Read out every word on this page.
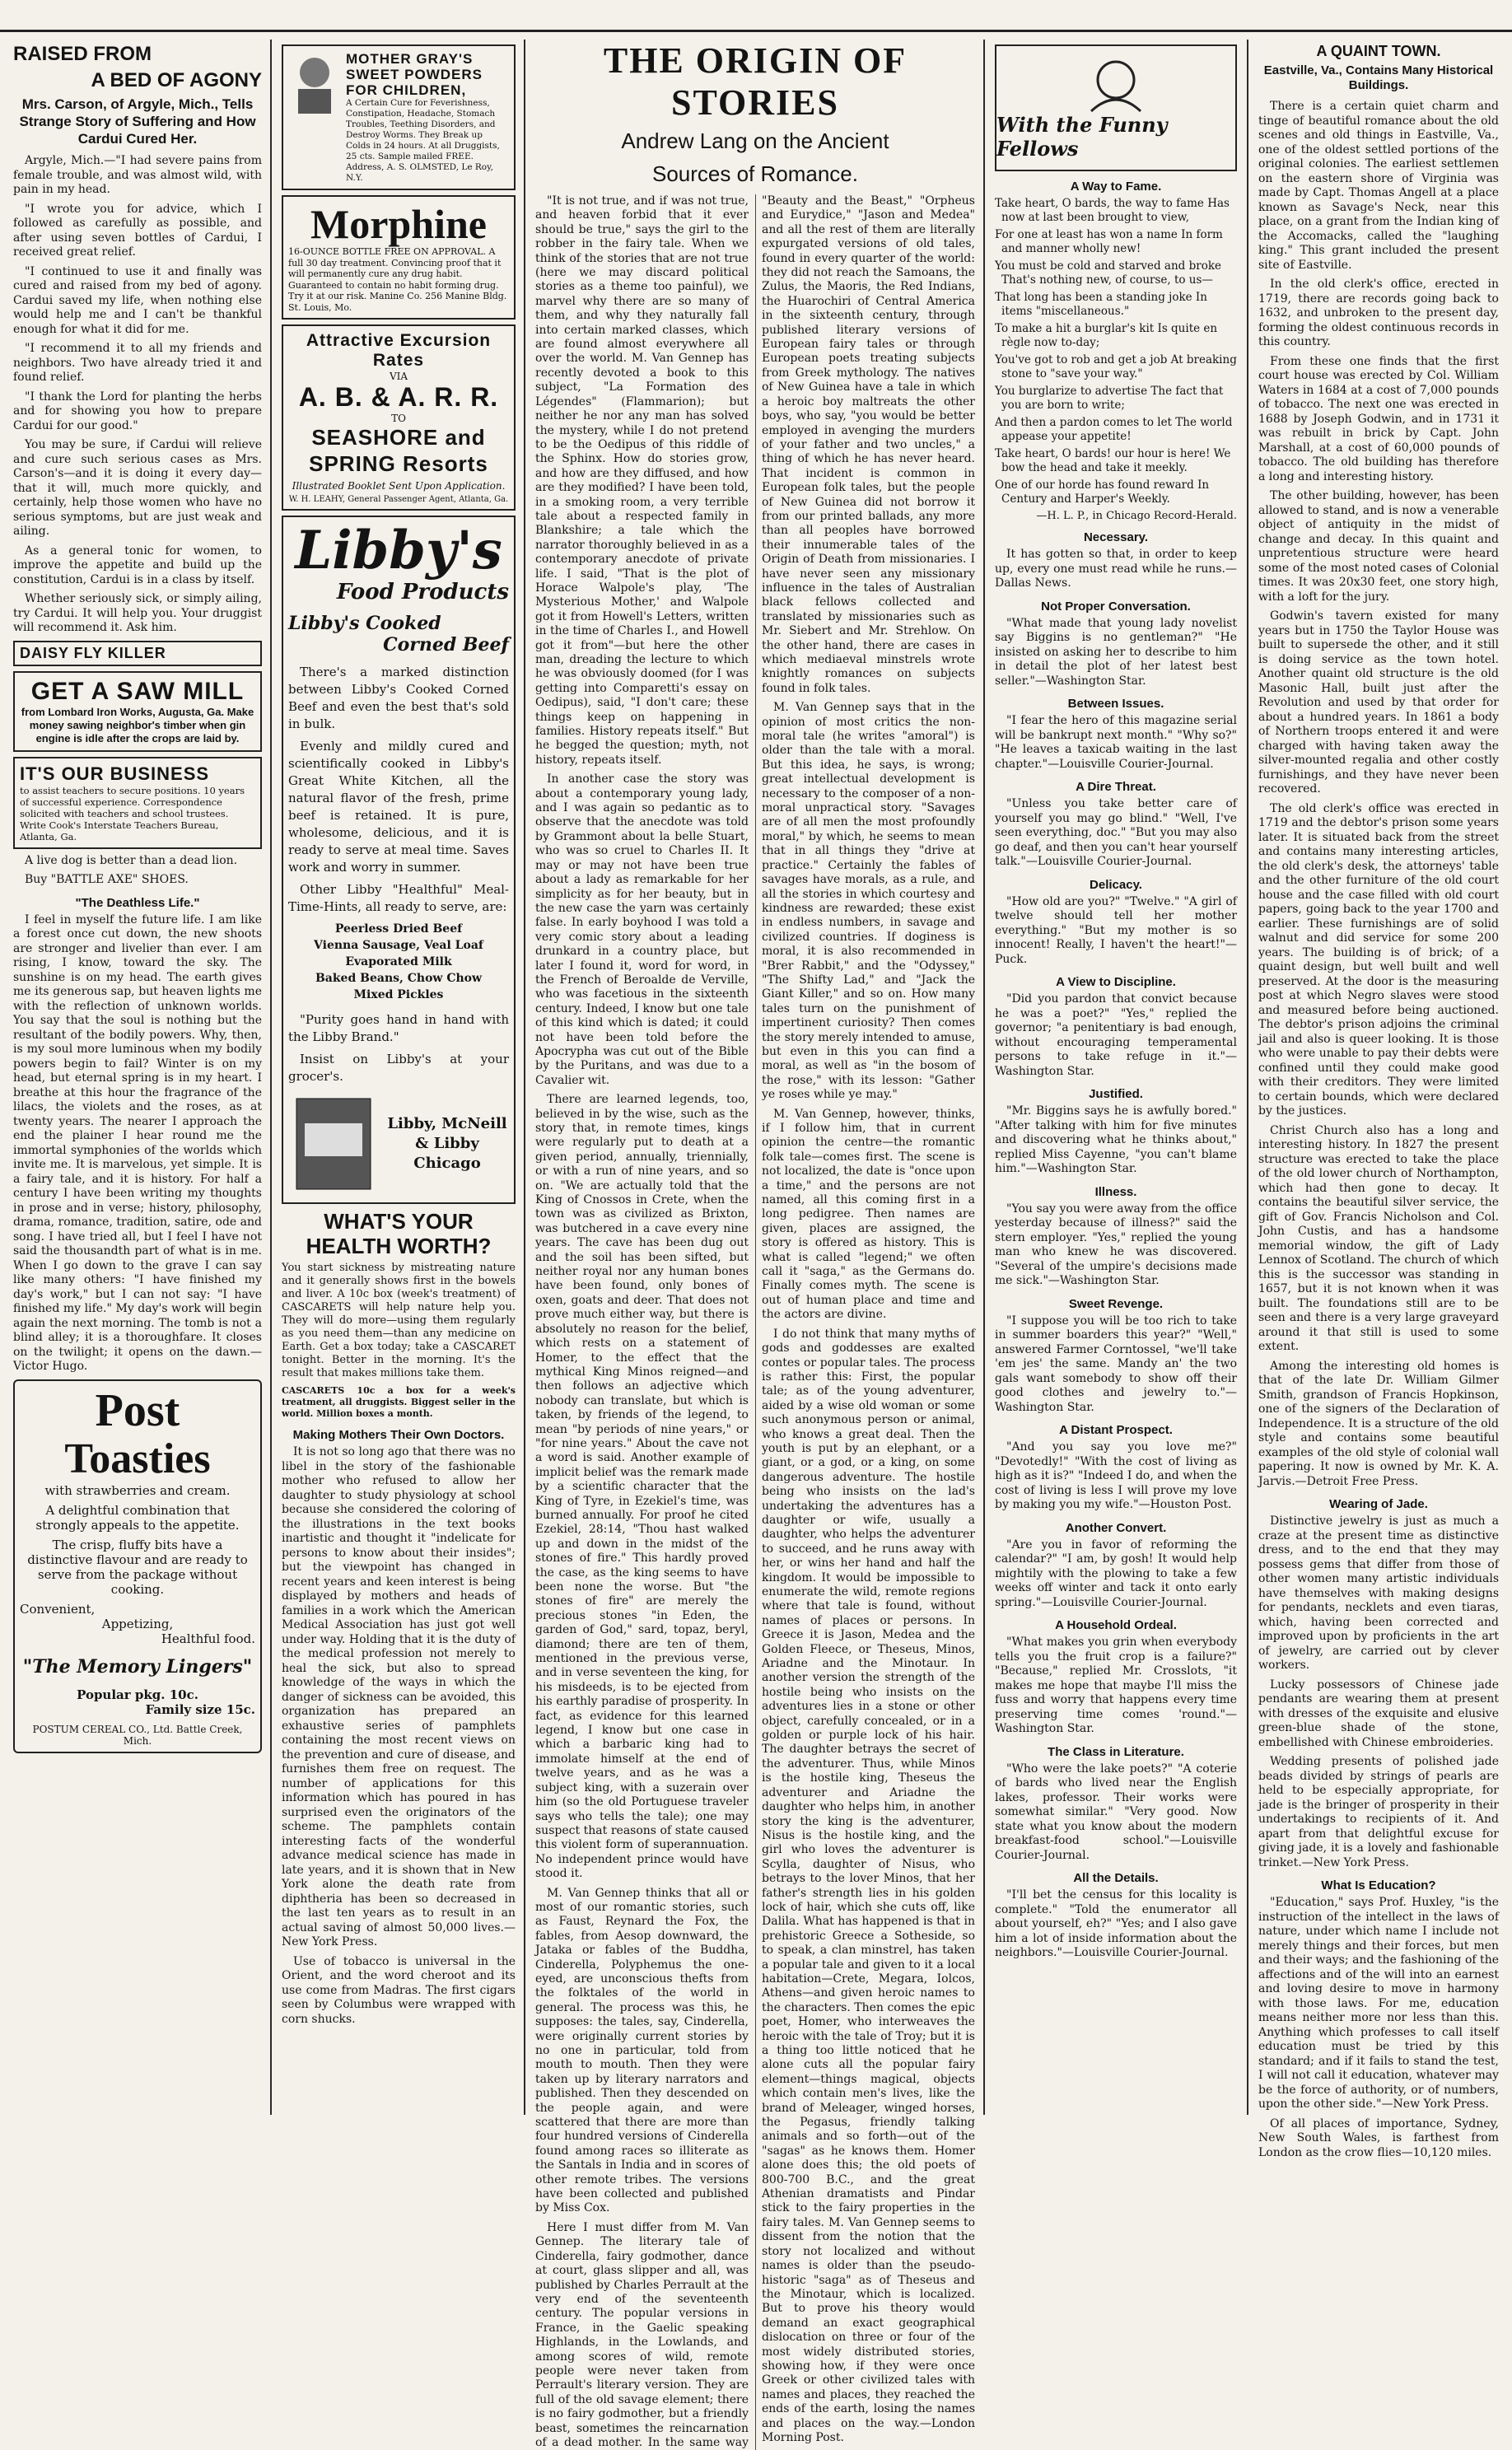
RAISED FROM
A BED OF AGONY
Mrs. Carson, of Argyle, Mich., Tells Strange Story of Suffering and How Cardui Cured Her.

Argyle, Mich.—"I had severe pains from female trouble, and was almost wild, with pain in my head.

"I wrote you for advice, which I followed as carefully as possible, and after using seven bottles of Cardui, I received great relief.

"I continued to use it and finally was cured and raised from my bed of agony. Cardui saved my life, when nothing else would help me and I can't be thankful enough for what it did for me.

"I recommend it to all my friends and neighbors. Two have already tried it and found relief.

"I thank the Lord for planting the herbs and for showing you how to prepare Cardui for our good."

You may be sure, if Cardui will relieve and cure such serious cases as Mrs. Carson's—and it is doing it every day—that it will, much more quickly, and certainly, help those women who have no serious symptoms, but are just weak and ailing.

As a general tonic for women, to improve the appetite and build up the constitution, Cardui is in a class by itself.

Whether seriously sick, or simply ailing, try Cardui. It will help you. Your druggist will recommend it. Ask him.

DAISY FLY KILLER
GET A SAW MILL
from Lombard Iron Works, Augusta, Ga. Make money sawing neighbor's timber when gin engine is idle after the crops are laid by.
IT'S OUR BUSINESS
to assist teachers to secure positions. 10 years of successful experience. Correspondence solicited with teachers and school trustees. Write Cook's Interstate Teachers Bureau, Atlanta, Ga.

A live dog is better than a dead lion.

Buy "BATTLE AXE" SHOES.

"The Deathless Life."

I feel in myself the future life. I am like a forest once cut down, the new shoots are stronger and livelier than ever. I am rising, I know, toward the sky. The sunshine is on my head. The earth gives me its generous sap, but heaven lights me with the reflection of unknown worlds. You say that the soul is nothing but the resultant of the bodily powers. Why, then, is my soul more luminous when my bodily powers begin to fail? Winter is on my head, but eternal spring is in my heart. I breathe at this hour the fragrance of the lilacs, the violets and the roses, as at twenty years. The nearer I approach the end the plainer I hear round me the immortal symphonies of the worlds which invite me. It is marvelous, yet simple. It is a fairy tale, and it is history. For half a century I have been writing my thoughts in prose and in verse; history, philosophy, drama, romance, tradition, satire, ode and song. I have tried all, but I feel I have not said the thousandth part of what is in me. When I go down to the grave I can say like many others: "I have finished my day's work," but I can not say: "I have finished my life." My day's work will begin again the next morning. The tomb is not a blind alley; it is a thoroughfare. It closes on the twilight; it opens on the dawn.—Victor Hugo.

Post
Toasties
with strawberries and cream.
A delightful combination that strongly appeals to the appetite.
The crisp, fluffy bits have a distinctive flavour and are ready to serve from the package without cooking.
Convenient,
Appetizing,
Healthful food.
"The Memory Lingers"
Popular pkg. 10c.
Family size 15c.
POSTUM CEREAL CO., Ltd. Battle Creek, Mich.
MOTHER GRAY'S SWEET POWDERS FOR CHILDREN,
A Certain Cure for Feverishness, Constipation, Headache, Stomach Troubles, Teething Disorders, and Destroy Worms. They Break up Colds in 24 hours. At all Druggists, 25 cts. Sample mailed FREE. Address, A. S. OLMSTED, Le Roy, N.Y.
Morphine
16-OUNCE BOTTLE FREE ON APPROVAL. A full 30 day treatment. Convincing proof that it will permanently cure any drug habit. Guaranteed to contain no habit forming drug. Try it at our risk. Manine Co. 256 Manine Bldg. St. Louis, Mo.
Attractive Excursion Rates
VIA
A. B. & A. R. R.
TO
SEASHORE and SPRING Resorts
Illustrated Booklet Sent Upon Application.
W. H. LEAHY, General Passenger Agent, Atlanta, Ga.
Libby's
Food Products
Libby's Cooked
Corned Beef

There's a marked distinction between Libby's Cooked Corned Beef and even the best that's sold in bulk.

Evenly and mildly cured and scientifically cooked in Libby's Great White Kitchen, all the natural flavor of the fresh, prime beef is retained. It is pure, wholesome, delicious, and it is ready to serve at meal time. Saves work and worry in summer.

Other Libby "Healthful" Meal-Time-Hints, all ready to serve, are:

Peerless Dried Beef
Vienna Sausage, Veal Loaf
Evaporated Milk
Baked Beans, Chow Chow
Mixed Pickles

"Purity goes hand in hand with the Libby Brand."

Insist on Libby's at your grocer's.

Libby, McNeill & Libby Chicago
WHAT'S YOUR HEALTH WORTH?

You start sickness by mistreating nature and it generally shows first in the bowels and liver. A 10c box (week's treatment) of CASCARETS will help nature help you. They will do more—using them regularly as you need them—than any medicine on Earth. Get a box today; take a CASCARET tonight. Better in the morning. It's the result that makes millions take them.

CASCARETS 10c a box for a week's treatment, all druggists. Biggest seller in the world. Million boxes a month.

Making Mothers Their Own Doctors.

It is not so long ago that there was no libel in the story of the fashionable mother who refused to allow her daughter to study physiology at school because she considered the coloring of the illustrations in the text books inartistic and thought it "indelicate for persons to know about their insides"; but the viewpoint has changed in recent years and keen interest is being displayed by mothers and heads of families in a work which the American Medical Association has just got well under way. Holding that it is the duty of the medical profession not merely to heal the sick, but also to spread knowledge of the ways in which the danger of sickness can be avoided, this organization has prepared an exhaustive series of pamphlets containing the most recent views on the prevention and cure of disease, and furnishes them free on request. The number of applications for this information which has poured in has surprised even the originators of the scheme. The pamphlets contain interesting facts of the wonderful advance medical science has made in late years, and it is shown that in New York alone the death rate from diphtheria has been so decreased in the last ten years as to result in an actual saving of almost 50,000 lives.—New York Press.

Use of tobacco is universal in the Orient, and the word cheroot and its use come from Madras. The first cigars seen by Columbus were wrapped with corn shucks.

THE ORIGIN OF STORIES
Andrew Lang on the Ancient
Sources of Romance.

"It is not true, and if was not true, and heaven forbid that it ever should be true," says the girl to the robber in the fairy tale. When we think of the stories that are not true (here we may discard political stories as a theme too painful), we marvel why there are so many of them, and why they naturally fall into certain marked classes, which are found almost everywhere all over the world. M. Van Gennep has recently devoted a book to this subject, "La Formation des Légendes" (Flammarion); but neither he nor any man has solved the mystery, while I do not pretend to be the Oedipus of this riddle of the Sphinx. How do stories grow, and how are they diffused, and how are they modified? I have been told, in a smoking room, a very terrible tale about a respected family in Blankshire; a tale which the narrator thoroughly believed in as a contemporary anecdote of private life. I said, "That is the plot of Horace Walpole's play, 'The Mysterious Mother,' and Walpole got it from Howell's Letters, written in the time of Charles I., and Howell got it from"—but here the other man, dreading the lecture to which he was obviously doomed (for I was getting into Comparetti's essay on Oedipus), said, "I don't care; these things keep on happening in families. History repeats itself." But he begged the question; myth, not history, repeats itself.

In another case the story was about a contemporary young lady, and I was again so pedantic as to observe that the anecdote was told by Grammont about la belle Stuart, who was so cruel to Charles II. It may or may not have been true about a lady as remarkable for her simplicity as for her beauty, but in the new case the yarn was certainly false. In early boyhood I was told a very comic story about a leading drunkard in a country place, but later I found it, word for word, in the French of Beroalde de Verville, who was facetious in the sixteenth century. Indeed, I know but one tale of this kind which is dated; it could not have been told before the Apocrypha was cut out of the Bible by the Puritans, and was due to a Cavalier wit.

There are learned legends, too, believed in by the wise, such as the story that, in remote times, kings were regularly put to death at a given period, annually, triennially, or with a run of nine years, and so on. "We are actually told that the King of Cnossos in Crete, when the town was as civilized as Brixton, was butchered in a cave every nine years. The cave has been dug out and the soil has been sifted, but neither royal nor any human bones have been found, only bones of oxen, goats and deer. That does not prove much either way, but there is absolutely no reason for the belief, which rests on a statement of Homer, to the effect that the mythical King Minos reigned—and then follows an adjective which nobody can translate, but which is taken, by friends of the legend, to mean "by periods of nine years," or "for nine years." About the cave not a word is said. Another example of implicit belief was the remark made by a scientific character that the King of Tyre, in Ezekiel's time, was burned annually. For proof he cited Ezekiel, 28:14, "Thou hast walked up and down in the midst of the stones of fire." This hardly proved the case, as the king seems to have been none the worse. But "the stones of fire" are merely the precious stones "in Eden, the garden of God," sard, topaz, beryl, diamond; there are ten of them, mentioned in the previous verse, and in verse seventeen the king, for his misdeeds, is to be ejected from his earthly paradise of prosperity. In fact, as evidence for this learned legend, I know but one case in which a barbaric king had to immolate himself at the end of twelve years, and as he was a subject king, with a suzerain over him (so the old Portuguese traveler says who tells the tale); one may suspect that reasons of state caused this violent form of superannuation. No independent prince would have stood it.

M. Van Gennep thinks that all or most of our romantic stories, such as Faust, Reynard the Fox, the fables, from Aesop downward, the Jataka or fables of the Buddha, Cinderella, Polyphemus the one-eyed, are unconscious thefts from the folktales of the world in general. The process was this, he supposes: the tales, say, Cinderella, were originally current stories by no one in particular, told from mouth to mouth. Then they were taken up by literary narrators and published. Then they descended on the people again, and were scattered that there are more than four hundred versions of Cinderella found among races so illiterate as the Santals in India and in scores of other remote tribes. The versions have been collected and published by Miss Cox.

Here I must differ from M. Van Gennep. The literary tale of Cinderella, fairy godmother, dance at court, glass slipper and all, was published by Charles Perrault at the very end of the seventeenth century. The popular versions in France, in the Gaelic speaking Highlands, in the Lowlands, and among scores of wild, remote people were never taken from Perrault's literary version. They are full of the old savage element; there is no fairy godmother, but a friendly beast, sometimes the reincarnation of a dead mother. In the same way "Beauty and the Beast," "Orpheus and Eurydice," "Jason and Medea" and all the rest of them are literally expurgated versions of old tales, found in every quarter of the world: they did not reach the Samoans, the Zulus, the Maoris, the Red Indians, the Huarochiri of Central America in the sixteenth century, through published literary versions of European fairy tales or through European poets treating subjects from Greek mythology. The natives of New Guinea have a tale in which a heroic boy maltreats the other boys, who say, "you would be better employed in avenging the murders of your father and two uncles," a thing of which he has never heard. That incident is common in European folk tales, but the people of New Guinea did not borrow it from our printed ballads, any more than all peoples have borrowed their innumerable tales of the Origin of Death from missionaries. I have never seen any missionary influence in the tales of Australian black fellows collected and translated by missionaries such as Mr. Siebert and Mr. Strehlow. On the other hand, there are cases in which mediaeval minstrels wrote knightly romances on subjects found in folk tales.

M. Van Gennep says that in the opinion of most critics the non-moral tale (he writes "amoral") is older than the tale with a moral. But this idea, he says, is wrong; great intellectual development is necessary to the composer of a non-moral unpractical story. "Savages are of all men the most profoundly moral," by which, he seems to mean that in all things they "drive at practice." Certainly the fables of savages have morals, as a rule, and all the stories in which courtesy and kindness are rewarded; these exist in endless numbers, in savage and civilized countries. If doginess is moral, it is also recommended in "Brer Rabbit," and the "Odyssey," "The Shifty Lad," and "Jack the Giant Killer," and so on. How many tales turn on the punishment of impertinent curiosity? Then comes the story merely intended to amuse, but even in this you can find a moral, as well as "in the bosom of the rose," with its lesson: "Gather ye roses while ye may."

M. Van Gennep, however, thinks, if I follow him, that in current opinion the centre—the romantic folk tale—comes first. The scene is not localized, the date is "once upon a time," and the persons are not named, all this coming first in a long pedigree. Then names are given, places are assigned, the story is offered as history. This is what is called "legend;" we often call it "saga," as the Germans do. Finally comes myth. The scene is out of human place and time and the actors are divine.

I do not think that many myths of gods and goddesses are exalted contes or popular tales. The process is rather this: First, the popular tale; as of the young adventurer, aided by a wise old woman or some such anonymous person or animal, who knows a great deal. Then the youth is put by an elephant, or a giant, or a god, or a king, on some dangerous adventure. The hostile being who insists on the lad's undertaking the adventures has a daughter or wife, usually a daughter, who helps the adventurer to succeed, and he runs away with her, or wins her hand and half the kingdom. It would be impossible to enumerate the wild, remote regions where that tale is found, without names of places or persons. In Greece it is Jason, Medea and the Golden Fleece, or Theseus, Minos, Ariadne and the Minotaur. In another version the strength of the hostile being who insists on the adventures lies in a stone or other object, carefully concealed, or in a golden or purple lock of his hair. The daughter betrays the secret of the adventurer. Thus, while Minos is the hostile king, Theseus the adventurer and Ariadne the daughter who helps him, in another story the king is the adventurer, Nisus is the hostile king, and the girl who loves the adventurer is Scylla, daughter of Nisus, who betrays to the lover Minos, that her father's strength lies in his golden lock of hair, which she cuts off, like Dalila. What has happened is that in prehistoric Greece a Sotheside, so to speak, a clan minstrel, has taken a popular tale and given to it a local habitation—Crete, Megara, Iolcos, Athens—and given heroic names to the characters. Then comes the epic poet, Homer, who interweaves the heroic with the tale of Troy; but it is a thing too little noticed that he alone cuts all the popular fairy element—things magical, objects which contain men's lives, like the brand of Meleager, winged horses, the Pegasus, friendly talking animals and so forth—out of the "sagas" as he knows them. Homer alone does this; the old poets of 800-700 B.C., and the great Athenian dramatists and Pindar stick to the fairy properties in the fairy tales. M. Van Gennep seems to dissent from the notion that the story not localized and without names is older than the pseudo-historic "saga" as of Theseus and the Minotaur, which is localized. But to prove his theory would demand an exact geographical dislocation on three or four of the most widely distributed stories, showing how, if they were once Greek or other civilized tales with names and places, they reached the ends of the earth, losing the names and places on the way.—London Morning Post.

With the Funny Fellows
A Way to Fame.
Take heart, O bards, the way to fame Has now at last been brought to view,
For one at least has won a name In form and manner wholly new!
You must be cold and starved and broke That's nothing new, of course, to us—
That long has been a standing joke In items "miscellaneous."
To make a hit a burglar's kit Is quite en règle now to-day;
You've got to rob and get a job At breaking stone to "save your way."
You burglarize to advertise The fact that you are born to write;
And then a pardon comes to let The world appease your appetite!
Take heart, O bards! our hour is here! We bow the head and take it meekly.
One of our horde has found reward In Century and Harper's Weekly.
—H. L. P., in Chicago Record-Herald.
Necessary.

It has gotten so that, in order to keep up, every one must read while he runs.—Dallas News.

Not Proper Conversation.

"What made that young lady novelist say Biggins is no gentleman?" "He insisted on asking her to describe to him in detail the plot of her latest best seller."—Washington Star.

Between Issues.

"I fear the hero of this magazine serial will be bankrupt next month." "Why so?" "He leaves a taxicab waiting in the last chapter."—Louisville Courier-Journal.

A Dire Threat.

"Unless you take better care of yourself you may go blind." "Well, I've seen everything, doc." "But you may also go deaf, and then you can't hear yourself talk."—Louisville Courier-Journal.

Delicacy.

"How old are you?" "Twelve." "A girl of twelve should tell her mother everything." "But my mother is so innocent! Really, I haven't the heart!"—Puck.

A View to Discipline.

"Did you pardon that convict because he was a poet?" "Yes," replied the governor; "a penitentiary is bad enough, without encouraging temperamental persons to take refuge in it."—Washington Star.

Justified.

"Mr. Biggins says he is awfully bored." "After talking with him for five minutes and discovering what he thinks about," replied Miss Cayenne, "you can't blame him."—Washington Star.

Illness.

"You say you were away from the office yesterday because of illness?" said the stern employer. "Yes," replied the young man who knew he was discovered. "Several of the umpire's decisions made me sick."—Washington Star.

Sweet Revenge.

"I suppose you will be too rich to take in summer boarders this year?" "Well," answered Farmer Corntossel, "we'll take 'em jes' the same. Mandy an' the two gals want somebody to show off their good clothes and jewelry to."—Washington Star.

A Distant Prospect.

"And you say you love me?" "Devotedly!" "With the cost of living as high as it is?" "Indeed I do, and when the cost of living is less I will prove my love by making you my wife."—Houston Post.

Another Convert.

"Are you in favor of reforming the calendar?" "I am, by gosh! It would help mightily with the plowing to take a few weeks off winter and tack it onto early spring."—Louisville Courier-Journal.

A Household Ordeal.

"What makes you grin when everybody tells you the fruit crop is a failure?" "Because," replied Mr. Crosslots, "it makes me hope that maybe I'll miss the fuss and worry that happens every time preserving time comes 'round."—Washington Star.

The Class in Literature.

"Who were the lake poets?" "A coterie of bards who lived near the English lakes, professor. Their works were somewhat similar." "Very good. Now state what you know about the modern breakfast-food school."—Louisville Courier-Journal.

All the Details.

"I'll bet the census for this locality is complete." "Told the enumerator all about yourself, eh?" "Yes; and I also gave him a lot of inside information about the neighbors."—Louisville Courier-Journal.

A QUAINT TOWN.
Eastville, Va., Contains Many Historical Buildings.

There is a certain quiet charm and tinge of beautiful romance about the old scenes and old things in Eastville, Va., one of the oldest settled portions of the original colonies. The earliest settlemen on the eastern shore of Virginia was made by Capt. Thomas Angell at a place known as Savage's Neck, near this place, on a grant from the Indian king of the Accomacks, called the "laughing king." This grant included the present site of Eastville.

In the old clerk's office, erected in 1719, there are records going back to 1632, and unbroken to the present day, forming the oldest continuous records in this country.

From these one finds that the first court house was erected by Col. William Waters in 1684 at a cost of 7,000 pounds of tobacco. The next one was erected in 1688 by Joseph Godwin, and in 1731 it was rebuilt in brick by Capt. John Marshall, at a cost of 60,000 pounds of tobacco. The old building has therefore a long and interesting history.

The other building, however, has been allowed to stand, and is now a venerable object of antiquity in the midst of change and decay. In this quaint and unpretentious structure were heard some of the most noted cases of Colonial times. It was 20x30 feet, one story high, with a loft for the jury.

Godwin's tavern existed for many years but in 1750 the Taylor House was built to supersede the other, and it still is doing service as the town hotel. Another quaint old structure is the old Masonic Hall, built just after the Revolution and used by that order for about a hundred years. In 1861 a body of Northern troops entered it and were charged with having taken away the silver-mounted regalia and other costly furnishings, and they have never been recovered.

The old clerk's office was erected in 1719 and the debtor's prison some years later. It is situated back from the street and contains many interesting articles, the old clerk's desk, the attorneys' table and the other furniture of the old court house and the case filled with old court papers, going back to the year 1700 and earlier. These furnishings are of solid walnut and did service for some 200 years. The building is of brick; of a quaint design, but well built and well preserved. At the door is the measuring post at which Negro slaves were stood and measured before being auctioned. The debtor's prison adjoins the criminal jail and also is queer looking. It is those who were unable to pay their debts were confined until they could make good with their creditors. They were limited to certain bounds, which were declared by the justices.

Christ Church also has a long and interesting history. In 1827 the present structure was erected to take the place of the old lower church of Northampton, which had then gone to decay. It contains the beautiful silver service, the gift of Gov. Francis Nicholson and Col. John Custis, and has a handsome memorial window, the gift of Lady Lennox of Scotland. The church of which this is the successor was standing in 1657, but it is not known when it was built. The foundations still are to be seen and there is a very large graveyard around it that still is used to some extent.

Among the interesting old homes is that of the late Dr. William Gilmer Smith, grandson of Francis Hopkinson, one of the signers of the Declaration of Independence. It is a structure of the old style and contains some beautiful examples of the old style of colonial wall papering. It now is owned by Mr. K. A. Jarvis.—Detroit Free Press.

Wearing of Jade.

Distinctive jewelry is just as much a craze at the present time as distinctive dress, and to the end that they may possess gems that differ from those of other women many artistic individuals have themselves with making designs for pendants, necklets and even tiaras, which, having been corrected and improved upon by proficients in the art of jewelry, are carried out by clever workers.

Lucky possessors of Chinese jade pendants are wearing them at present with dresses of the exquisite and elusive green-blue shade of the stone, embellished with Chinese embroideries.

Wedding presents of polished jade beads divided by strings of pearls are held to be especially appropriate, for jade is the bringer of prosperity in their undertakings to recipients of it. And apart from that delightful excuse for giving jade, it is a lovely and fashionable trinket.—New York Press.

What Is Education?

"Education," says Prof. Huxley, "is the instruction of the intellect in the laws of nature, under which name I include not merely things and their forces, but men and their ways; and the fashioning of the affections and of the will into an earnest and loving desire to move in harmony with those laws. For me, education means neither more nor less than this. Anything which professes to call itself education must be tried by this standard; and if it fails to stand the test, I will not call it education, whatever may be the force of authority, or of numbers, upon the other side."—New York Press.

Of all places of importance, Sydney, New South Wales, is farthest from London as the crow flies—10,120 miles.
